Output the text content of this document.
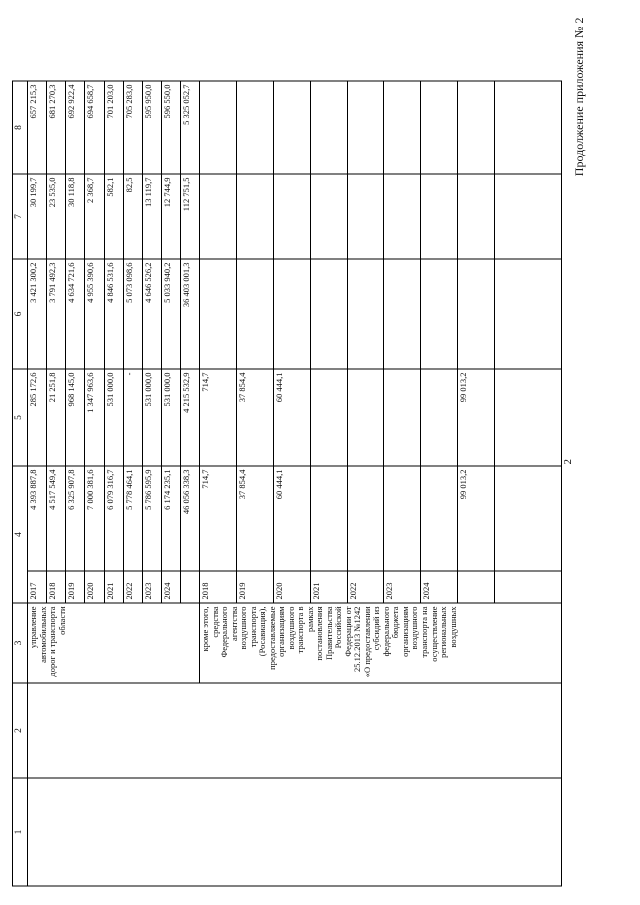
1	2	3	4		5	6	7	8
		управление автомобильных дорог и транспорта области	2017	4 393 887,8	285 172,6	3 421 300,2	30 199,7	657 215,3
			2018	4 517 549,4	21 251,8	3 791 492,3	23 535,0	681 270,3
			2019	6 325 907,8	968 145,0	4 634 721,6	30 118,8	692 922,4
			2020	7 000 381,6	1 347 963,6	4 955 390,6	2 368,7	694 658,7
			2021	6 079 316,7	531 000,0	4 846 531,6	582,1	701 203,0
			2022	5 778 464,1	-	5 073 098,6	82,5	705 283,0
			2023	5 786 595,9	531 000,0	4 646 526,2	13 119,7	595 950,0
			2024	6 174 235,1	531 000,0	5 033 940,2	12 744,9	596 550,0
				46 056 338,3	4 215 532,9	36 403 001,3	112 751,5	5 325 052,7
		кроме этого, средства Федерального агентства воздушного транспорта (Росавиация), предоставляемые организациям воздушного транспорта в рамках постановления Правительства Российской Федерации от 25.12.2013 №1242 «О предоставлении субсидий из федерального бюджета организациям воздушного транспорта на осуществление региональных воздушных	2018	714,7	714,7			
			2019	37 854,4	37 854,4			
			2020	60 444,1	60 444,1			
			2021					
			2022					
			2023					
			2024					
				99 013,2	99 013,2			

2
Продолжение приложения № 2
